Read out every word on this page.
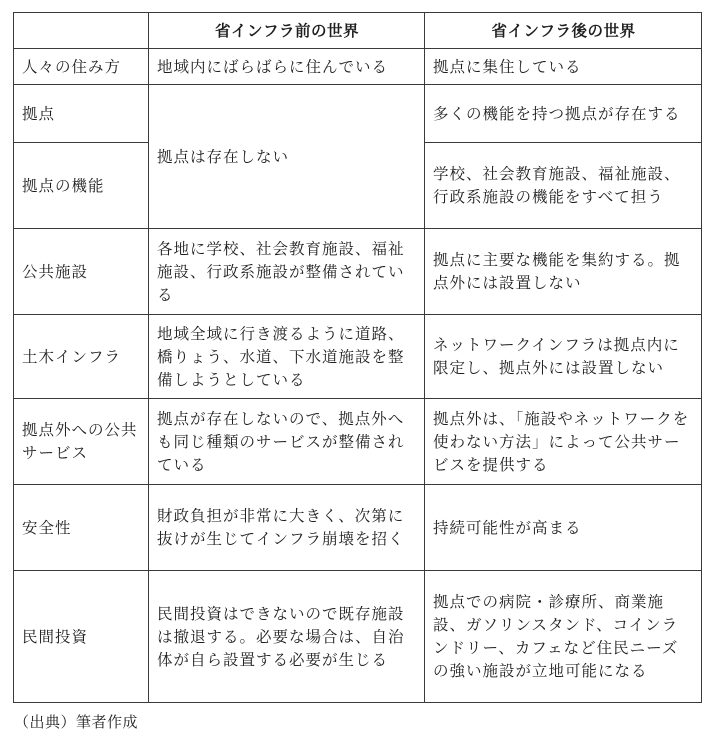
	省インフラ前の世界	省インフラ後の世界
人々の住み方	地域内にばらばらに住んでいる	拠点に集住している
拠点	拠点は存在しない	多くの機能を持つ拠点が存在する
拠点の機能		学校、社会教育施設、福祉施設、行政系施設の機能をすべて担う
公共施設	各地に学校、社会教育施設、福祉施設、行政系施設が整備されている	拠点に主要な機能を集約する。拠点外には設置しない
土木インフラ	地域全域に行き渡るように道路、橋りょう、水道、下水道施設を整備しようとしている	ネットワークインフラは拠点内に限定し、拠点外には設置しない
拠点外への公共サービス	拠点が存在しないので、拠点外へも同じ種類のサービスが整備されている	拠点外は、「施設やネットワークを使わない方法」によって公共サービスを提供する
安全性	財政負担が非常に大きく、次第に抜けが生じてインフラ崩壊を招く	持続可能性が高まる
民間投資	民間投資はできないので既存施設は撤退する。必要な場合は、自治体が自ら設置する必要が生じる	拠点での病院・診療所、商業施設、ガソリンスタンド、コインランドリー、カフェなど住民ニーズの強い施設が立地可能になる
（出典）筆者作成
